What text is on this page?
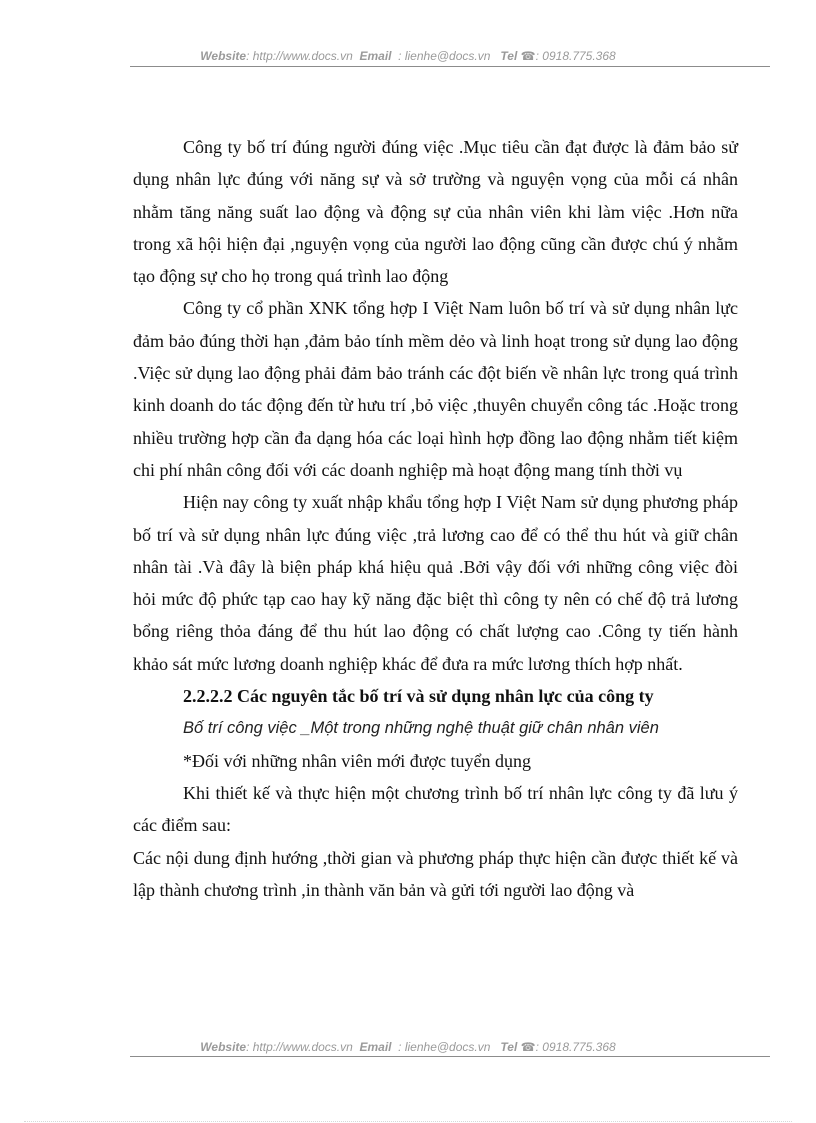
Website: http://www.docs.vn Email : lienhe@docs.vn Tel ☎: 0918.775.368

Công ty bố trí đúng người đúng việc .Mục tiêu cần đạt được là đảm bảo sử dụng nhân lực đúng với năng sự và sở trường và nguyện vọng của mỗi cá nhân nhằm tăng năng suất lao động và động sự của nhân viên khi làm việc .Hơn nữa trong xã hội hiện đại ,nguyện vọng của người lao động cũng cần được chú ý nhằm tạo động sự cho họ trong quá trình lao động

Công ty cổ phần XNK tổng hợp I Việt Nam luôn bố trí và sử dụng nhân lực đảm bảo đúng thời hạn ,đảm bảo tính mềm dẻo và linh hoạt trong sử dụng lao động .Việc sử dụng lao động phải đảm bảo tránh các đột biến về nhân lực trong quá trình kinh doanh do tác động đến từ hưu trí ,bỏ việc ,thuyên chuyển công tác .Hoặc trong nhiều trường hợp cần đa dạng hóa các loại hình hợp đồng lao động nhằm tiết kiệm chi phí nhân công đối với các doanh nghiệp mà hoạt động mang tính thời vụ

Hiện nay công ty xuất nhập khẩu tổng hợp I Việt Nam sử dụng phương pháp bố trí và sử dụng nhân lực đúng việc ,trả lương cao để có thể thu hút và giữ chân nhân tài .Và đây là biện pháp khá hiệu quả .Bởi vậy đối với những công việc đòi hỏi mức độ phức tạp cao hay kỹ năng đặc biệt thì công ty nên có chế độ trả lương bổng riêng thỏa đáng để thu hút lao động có chất lượng cao .Công ty tiến hành khảo sát mức lương doanh nghiệp khác để đưa ra mức lương thích hợp nhất.

2.2.2.2 Các nguyên tắc bố trí và sử dụng nhân lực của công ty

Bố trí công việc _Một trong những nghệ thuật giữ chân nhân viên

*Đối với những nhân viên mới được tuyển dụng

Khi thiết kế và thực hiện một chương trình bố trí nhân lực công ty đã lưu ý các điểm sau:

Các nội dung định hướng ,thời gian và phương pháp thực hiện cần được thiết kế và lập thành chương trình ,in thành văn bản và gửi tới người lao động và

Website: http://www.docs.vn Email : lienhe@docs.vn Tel ☎: 0918.775.368
